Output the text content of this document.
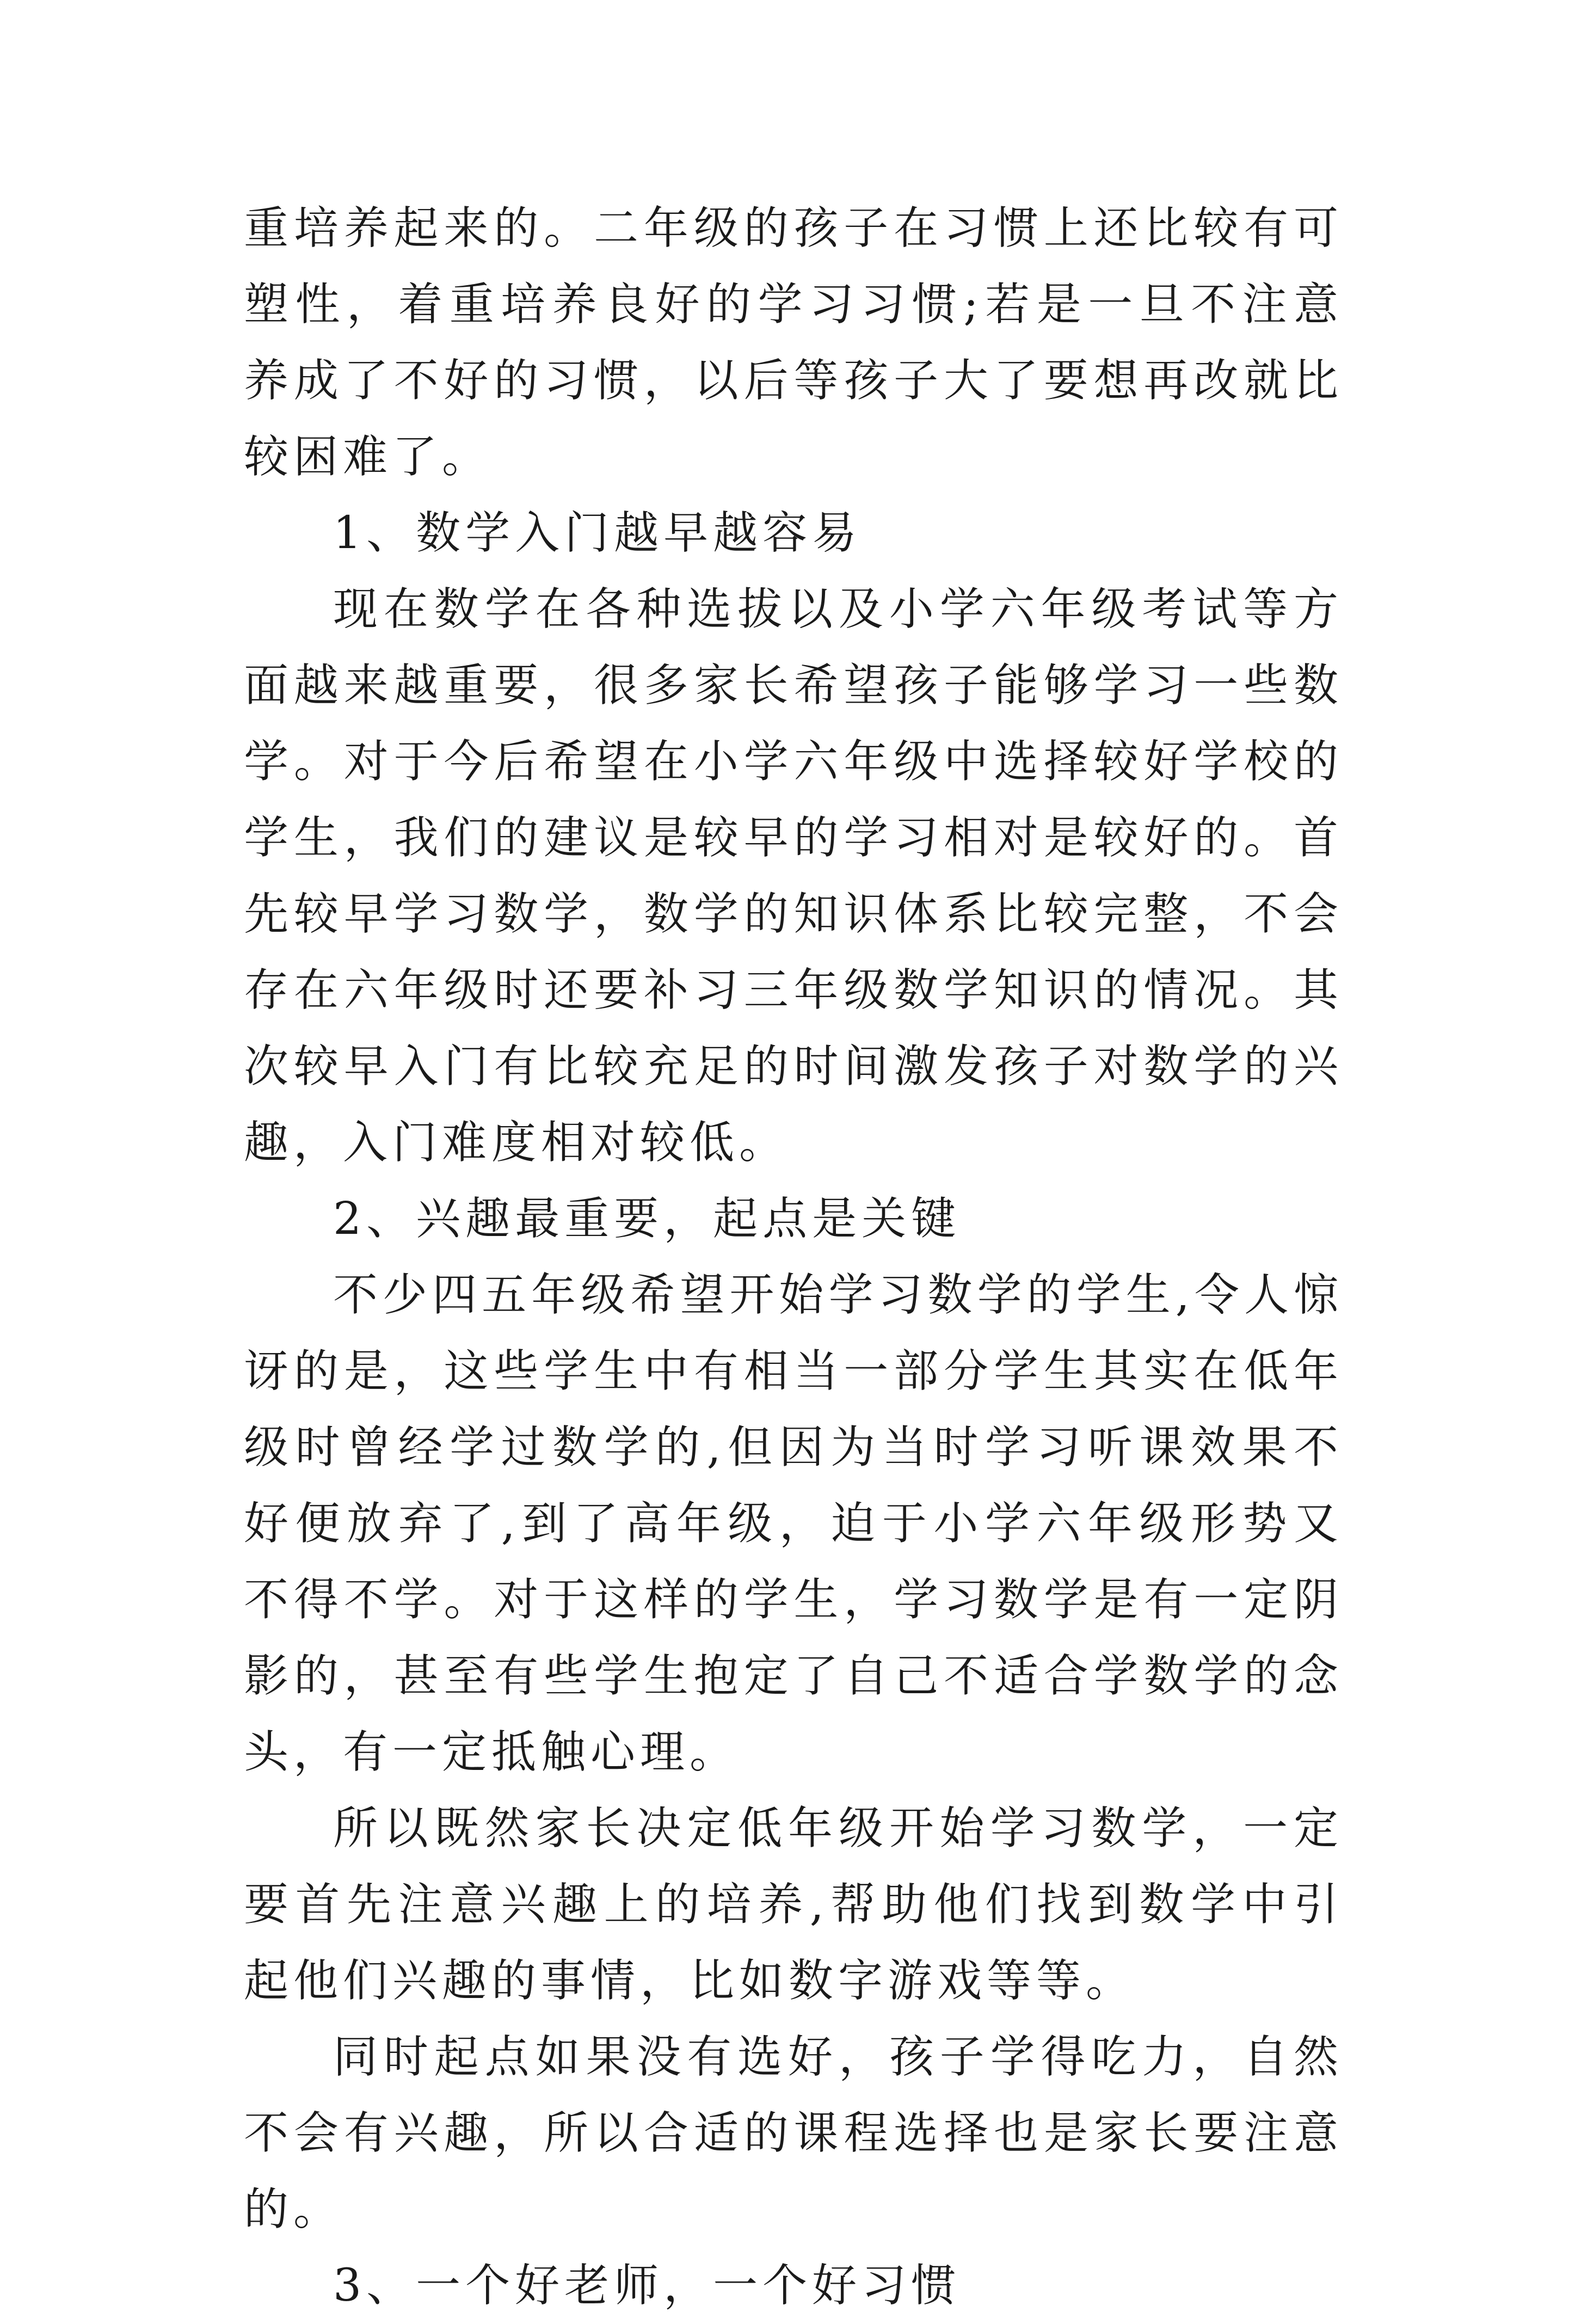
重培养起来的。二年级的孩子在习惯上还比较有可塑性，着重培养良好的学习习惯;若是一旦不注意养成了不好的习惯，以后等孩子大了要想再改就比较困难了。

1、数学入门越早越容易

现在数学在各种选拔以及小学六年级考试等方面越来越重要，很多家长希望孩子能够学习一些数学。对于今后希望在小学六年级中选择较好学校的学生，我们的建议是较早的学习相对是较好的。首先较早学习数学，数学的知识体系比较完整，不会存在六年级时还要补习三年级数学知识的情况。其次较早入门有比较充足的时间激发孩子对数学的兴趣，入门难度相对较低。

2、兴趣最重要，起点是关键

不少四五年级希望开始学习数学的学生,令人惊讶的是，这些学生中有相当一部分学生其实在低年级时曾经学过数学的,但因为当时学习听课效果不好便放弃了,到了高年级，迫于小学六年级形势又不得不学。对于这样的学生，学习数学是有一定阴影的，甚至有些学生抱定了自己不适合学数学的念头，有一定抵触心理。

所以既然家长决定低年级开始学习数学，一定要首先注意兴趣上的培养,帮助他们找到数学中引起他们兴趣的事情，比如数字游戏等等。

同时起点如果没有选好，孩子学得吃力，自然不会有兴趣，所以合适的课程选择也是家长要注意的。

3、一个好老师，一个好习惯
